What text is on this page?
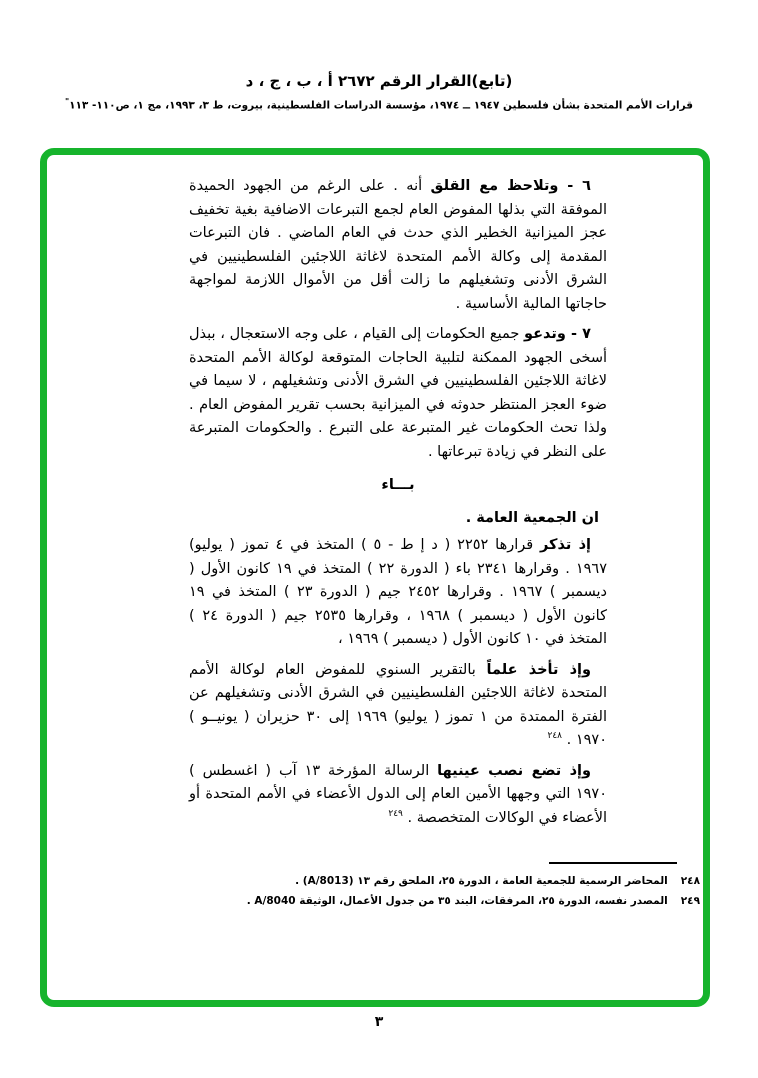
(تابع)القرار الرقم ٢٦٧٢ أ ، ب ، ج ، د
قرارات الأمم المتحدة بشأن فلسطين ١٩٤٧ ــ ١٩٧٤، مؤسسة الدراسات الفلسطينية، بيروت، ط ٣، ١٩٩٣، مج ١، ص١١٠- ١١٣"

٦ - وتلاحظ مع القلق أنه . على الرغم من الجهود الحميدة الموفقة التي بذلها المفوض العام لجمع التبرعات الاضافية بغية تخفيف عجز الميزانية الخطير الذي حدث في العام الماضي . فان التبرعات المقدمة إلى وكالة الأمم المتحدة لاغاثة اللاجئين الفلسطينيين في الشرق الأدنى وتشغيلهم ما زالت أقل من الأموال اللازمة لمواجهة حاجاتها المالية الأساسية .

٧ - وتدعو جميع الحكومات إلى القيام ، على وجه الاستعجال ، ببذل أسخى الجهود الممكنة لتلبية الحاجات المتوقعة لوكالة الأمم المتحدة لاغاثة اللاجئين الفلسطينيين في الشرق الأدنى وتشغيلهم ، لا سيما في ضوء العجز المنتظر حدوثه في الميزانية بحسب تقرير المفوض العام . ولذا تحث الحكومات غير المتبرعة على التبرع . والحكومات المتبرعة على النظر في زيادة تبرعاتها .

بـــاء

ان الجمعية العامة .

إذ تذكر قرارها ٢٢٥٢ ( د إ ط - ٥ ) المتخذ في ٤ تموز ( يوليو) ١٩٦٧ . وقرارها ٢٣٤١ باء ( الدورة ٢٢ ) المتخذ في ١٩ كانون الأول ( ديسمبر ) ١٩٦٧ . وقرارها ٢٤٥٢ جيم ( الدورة ٢٣ ) المتخذ في ١٩ كانون الأول ( ديسمبر ) ١٩٦٨ ، وقرارها ٢٥٣٥ جيم ( الدورة ٢٤ ) المتخذ في ١٠ كانون الأول ( ديسمبر ) ١٩٦٩ ،

وإذ تأخذ علماً بالتقرير السنوي للمفوض العام لوكالة الأمم المتحدة لاغاثة اللاجئين الفلسطينيين في الشرق الأدنى وتشغيلهم عن الفترة الممتدة من ١ تموز ( يوليو) ١٩٦٩ إلى ٣٠ حزيران ( يونيــو ) ١٩٧٠ . $^{٢٤٨}$

وإذ تضع نصب عينيها الرسالة المؤرخة ١٣ آب ( اغسطس ) ١٩٧٠ التي وجهها الأمين العام إلى الدول الأعضاء في الأمم المتحدة أو الأعضاء في الوكالات المتخصصة . $^{٢٤٩}$

٢٤٨المحاضر الرسمية للجمعية العامة ، الدورة ٢٥، الملحق رقم ١٣ (A/8013) .
٢٤٩المصدر نفسه، الدورة ٢٥، المرفقات، البند ٣٥ من جدول الأعمال، الوثيقة A/8040 .
٣
